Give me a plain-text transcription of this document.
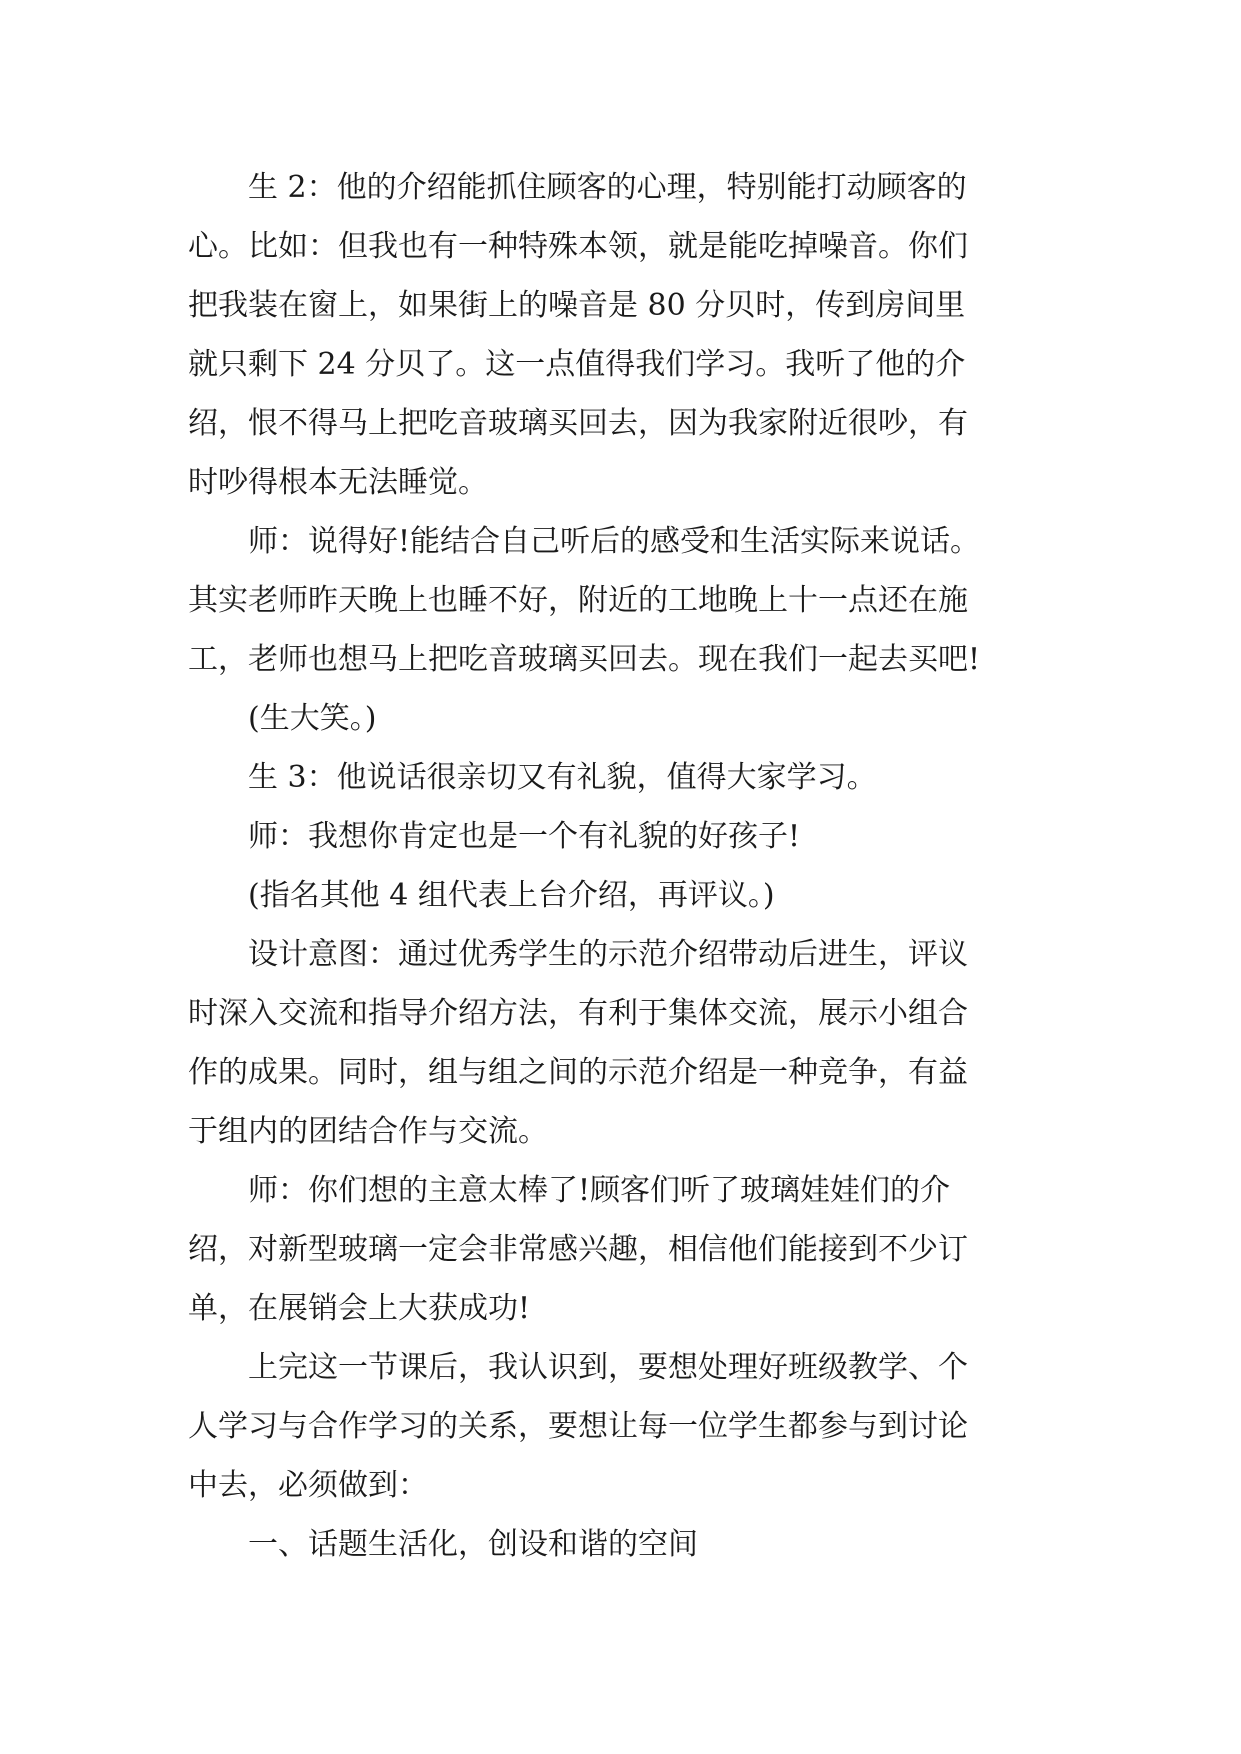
生 2：他的介绍能抓住顾客的心理，特别能打动顾客的
心。比如：但我也有一种特殊本领，就是能吃掉噪音。你们
把我装在窗上，如果街上的噪音是 80 分贝时，传到房间里
就只剩下 24 分贝了。这一点值得我们学习。我听了他的介
绍，恨不得马上把吃音玻璃买回去，因为我家附近很吵，有
时吵得根本无法睡觉。

师：说得好!能结合自己听后的感受和生活实际来说话。
其实老师昨天晚上也睡不好，附近的工地晚上十一点还在施
工，老师也想马上把吃音玻璃买回去。现在我们一起去买吧!

(生大笑。)

生 3：他说话很亲切又有礼貌，值得大家学习。

师：我想你肯定也是一个有礼貌的好孩子!

(指名其他 4 组代表上台介绍，再评议。)

设计意图：通过优秀学生的示范介绍带动后进生，评议
时深入交流和指导介绍方法，有利于集体交流，展示小组合
作的成果。同时，组与组之间的示范介绍是一种竞争，有益
于组内的团结合作与交流。

师：你们想的主意太棒了!顾客们听了玻璃娃娃们的介
绍，对新型玻璃一定会非常感兴趣，相信他们能接到不少订
单，在展销会上大获成功!

上完这一节课后，我认识到，要想处理好班级教学、个
人学习与合作学习的关系，要想让每一位学生都参与到讨论
中去，必须做到：

一、话题生活化，创设和谐的空间
